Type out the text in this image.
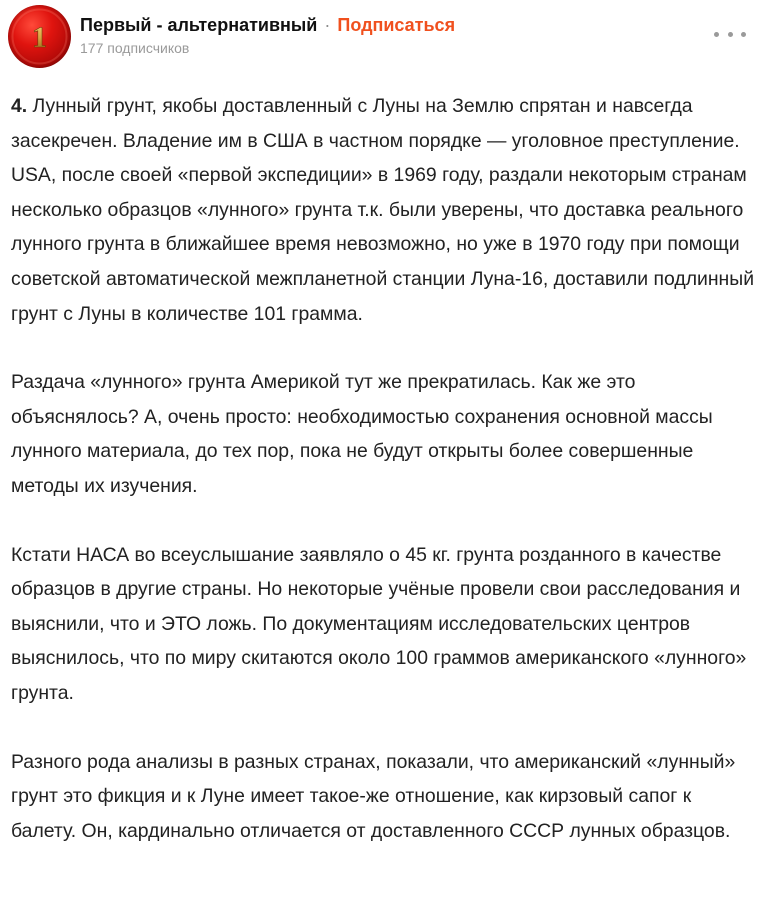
1 Первый - альтернативный · Подписаться
177 подписчиков

4. Лунный грунт, якобы доставленный с Луны на Землю спрятан и навсегда засекречен. Владение им в США в частном порядке — уголовное преступление. USA, после своей «первой экспедиции» в 1969 году, раздали некоторым странам несколько образцов «лунного» грунта т.к. были уверены, что доставка реального лунного грунта в ближайшее время невозможно, но уже в 1970 году при помощи советской автоматической межпланетной станции Луна-16, доставили подлинный грунт с Луны в количестве 101 грамма.

Раздача «лунного» грунта Америкой тут же прекратилась. Как же это объяснялось? А, очень просто: необходимостью сохранения основной массы лунного материала, до тех пор, пока не будут открыты более совершенные методы их изучения.

Кстати НАСА во всеуслышание заявляло о 45 кг. грунта розданного в качестве образцов в другие страны. Но некоторые учёные провели свои расследования и выяснили, что и ЭТО ложь. По документациям исследовательских центров выяснилось, что по миру скитаются около 100 граммов американского «лунного» грунта.

Разного рода анализы в разных странах, показали, что американский «лунный» грунт это фикция и к Луне имеет такое-же отношение, как кирзовый сапог к балету. Он, кардинально отличается от доставленного СССР лунных образцов.
